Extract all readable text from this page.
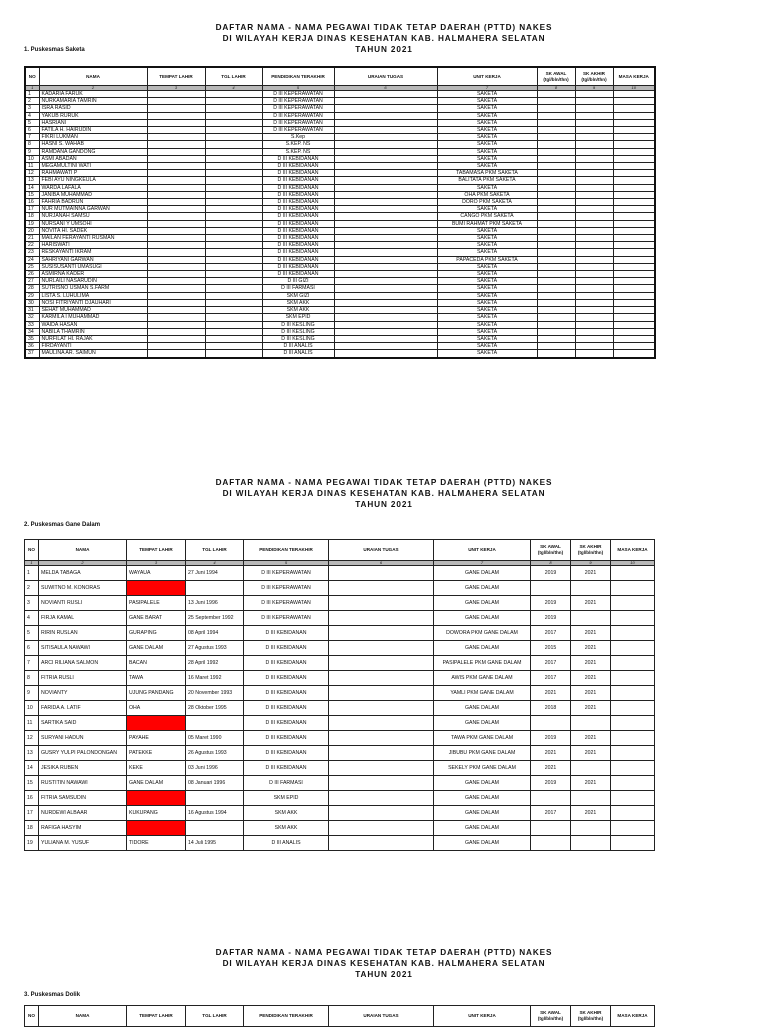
DAFTAR NAMA - NAMA PEGAWAI TIDAK TETAP DAERAH (PTTD) NAKES
DI WILAYAH KERJA DINAS KESEHATAN KAB. HALMAHERA SELATAN
TAHUN 2021
1. Puskesmas Saketa
NO	NAMA	TEMPAT LAHIR	TGL LAHIR	PENDIDIKAN TERAKHIR	URAIAN TUGAS	UNIT KERJA	SK AWAL
(tgl/bln/thn)	SK AKHIR
(tgl/bln/thn)	MASA KERJA
1	2	3	4	5	6	7	8	9	10
1	KADARIA FARUK			D III KEPERAWATAN		SAKETA			
2	NURKAMARIA TAMRIN			D III KEPERAWATAN		SAKETA			
3	ISRA RASID			D III KEPERAWATAN		SAKETA			
4	YAKUB RURUK			D III KEPERAWATAN		SAKETA			
5	HASRIANI			D III KEPERAWATAN		SAKETA			
6	FATILA H. HAIRUDIN			D III KEPERAWATAN		SAKETA			
7	FIKRI LUKMAN			S.Kep		SAKETA			
8	HASNI S. WAHAB			S.KEP. NS		SAKETA			
9	RAMDANA GANDONG			S.KEP. NS		SAKETA			
10	ASMI ABADAN			D III KEBIDANAN		SAKETA			
11	MEGAMULTINI WATI			D III KEBIDANAN		SAKETA			
12	RAHMAWATI P			D III KEBIDANAN		TABAMASA PKM SAKETA			
13	FEBI AYU NINGKEULA			D III KEBIDANAN		BALITATA PKM SAKETA			
14	WARDA LAFALA			D III KEBIDANAN		SAKETA			
15	JANIBA MUHAMMAD			D III KEBIDANAN		OHA PKM SAKETA			
16	FAHRIA BADRUN			D III KEBIDANAN		DORO PKM SAKETA			
17	NUR MUTMAINNA GARWAN			D III KEBIDANAN		SAKETA			
18	NURJANAH SAMSU			D III KEBIDANAN		CANGO PKM SAKETA			
19	NURSANI Y UMSOHI			D III KEBIDANAN		BUMI RAHMAT PKM SAKETA			
20	NOVITA HI. SADEK			D III KEBIDANAN		SAKETA			
21	MAILAN FERAYANTI RUSMAN			D III KEBIDANAN		SAKETA			
22	HARISWATI			D III KEBIDANAN		SAKETA			
23	RESKAYANTI IKRAM			D III KEBIDANAN		SAKETA			
24	SAHRIYANI GARWAN			D III KEBIDANAN		PAPACEDA PKM SAKETA			
25	SUSISUSANTI UMASUGI			D III KEBIDANAN		SAKETA			
26	ASMIRNA KADER			D III KEBIDANAN		SAKETA			
27	NURLAILI NASARUDIN			D III GIZI		SAKETA			
28	SUTRISNO USMAN S.FARM			D III FARMASI		SAKETA			
29	LISTA S. LUHULIMA			SKM GIZI		SAKETA			
30	NOSI FITRIYANTI DJAUHARI			SKM AKK		SAKETA			
31	SEHAT MUHAMMAD			SKM AKK		SAKETA			
32	KARMILA I MUHAMMAD			SKM EPID		SAKETA			
33	WAIDA HASAN			D III KESLING		SAKETA			
34	NABILA THAMRIN			D III KESLING		SAKETA			
35	NURFILAT HI. RAJAK			D III KESLING		SAKETA			
36	FIRDAYANTI			D III ANALIS		SAKETA			
37	MAULINA AR. SAIMUN			D III ANALIS		SAKETA			
DAFTAR NAMA - NAMA PEGAWAI TIDAK TETAP DAERAH (PTTD) NAKES
DI WILAYAH KERJA DINAS KESEHATAN KAB. HALMAHERA SELATAN
TAHUN 2021
2. Puskesmas Gane Dalam
NO	NAMA	TEMPAT LAHIR	TGL LAHIR	PENDIDIKAN TERAKHIR	URAIAN TUGAS	UNIT KERJA	SK AWAL
(tgl/bln/thn)	SK AKHIR
(tgl/bln/thn)	MASA KERJA
1	2	3	4	5	6	7	8	9	10
1	MELDA TABAGA	WAYAUA	27 Juni 1994	D III KEPERAWATAN		GANE DALAM	2019	2021	
2	SUWITNO M. KONORAS			D III KEPERAWATAN		GANE DALAM			
3	NOVIANTI RUSLI	PASIPALELE	13 Juni 1996	D III KEPERAWATAN		GANE DALAM	2019	2021	
4	FIRJA KAMAL	GANE BARAT	25 September 1992	D III KEPERAWATAN		GANE DALAM	2019		
5	RIRIN RUSLAN	GURAPING	08 April 1994	D III KEBIDANAN		DOWORA PKM GANE DALAM	2017	2021	
6	SITISAULA NAWAWI	GANE DALAM	27 Agustus 1993	D III KEBIDANAN		GANE DALAM	2015	2021	
7	ARCI RILIANA SALMON	BACAN	28 April 1992	D III KEBIDANAN		PASIPALELE PKM GANE DALAM	2017	2021	
8	FITRIA RUSLI	TAWA	16 Maret 1992	D III KEBIDANAN		AWIS PKM GANE DALAM	2017	2021	
9	NOVIANTY	UJUNG PANDANG	20 November 1993	D III KEBIDANAN		YAMLI PKM GANE DALAM	2021	2021	
10	FARIDA A. LATIF	OHA	28 Oktober 1995	D III KEBIDANAN		GANE DALAM	2018	2021	
11	SARTIKA SAID			D III KEBIDANAN		GANE DALAM			
12	SURYANI HADUN	PAYAHE	05 Maret 1990	D III KEBIDANAN		TAWA PKM GANE DALAM	2019	2021	
13	GUSRY YULPI PALONDONGAN	PATEKKE	26 Agustus 1993	D III KEBIDANAN		JIBUBU PKM GANE DALAM	2021	2021	
14	JESIKA RUBEN	KEKE	03 Juni 1996	D III KEBIDANAN		SEKELY PKM GANE DALAM	2021		
15	RUSTITIN NAWAWI	GANE DALAM	08 Januari 1996	D III FARMASI		GANE DALAM	2019	2021	
16	FITRIA SAMSUDIN			SKM EPID		GANE DALAM			
17	NURDEWI ALBAAR	KUKUPANG	16 Agustus 1994	SKM AKK		GANE DALAM	2017	2021	
18	RAFIGA HASYIM			SKM AKK		GANE DALAM			
19	YULIANA M. YUSUF	TIDORE	14 Juli 1995	D III ANALIS		GANE DALAM			
DAFTAR NAMA - NAMA PEGAWAI TIDAK TETAP DAERAH (PTTD) NAKES
DI WILAYAH KERJA DINAS KESEHATAN KAB. HALMAHERA SELATAN
TAHUN 2021
3. Puskesmas Dolik
NO	NAMA	TEMPAT LAHIR	TGL LAHIR	PENDIDIKAN TERAKHIR	URAIAN TUGAS	UNIT KERJA	SK AWAL
(tgl/bln/thn)	SK AKHIR
(tgl/bln/thn)	MASA KERJA
